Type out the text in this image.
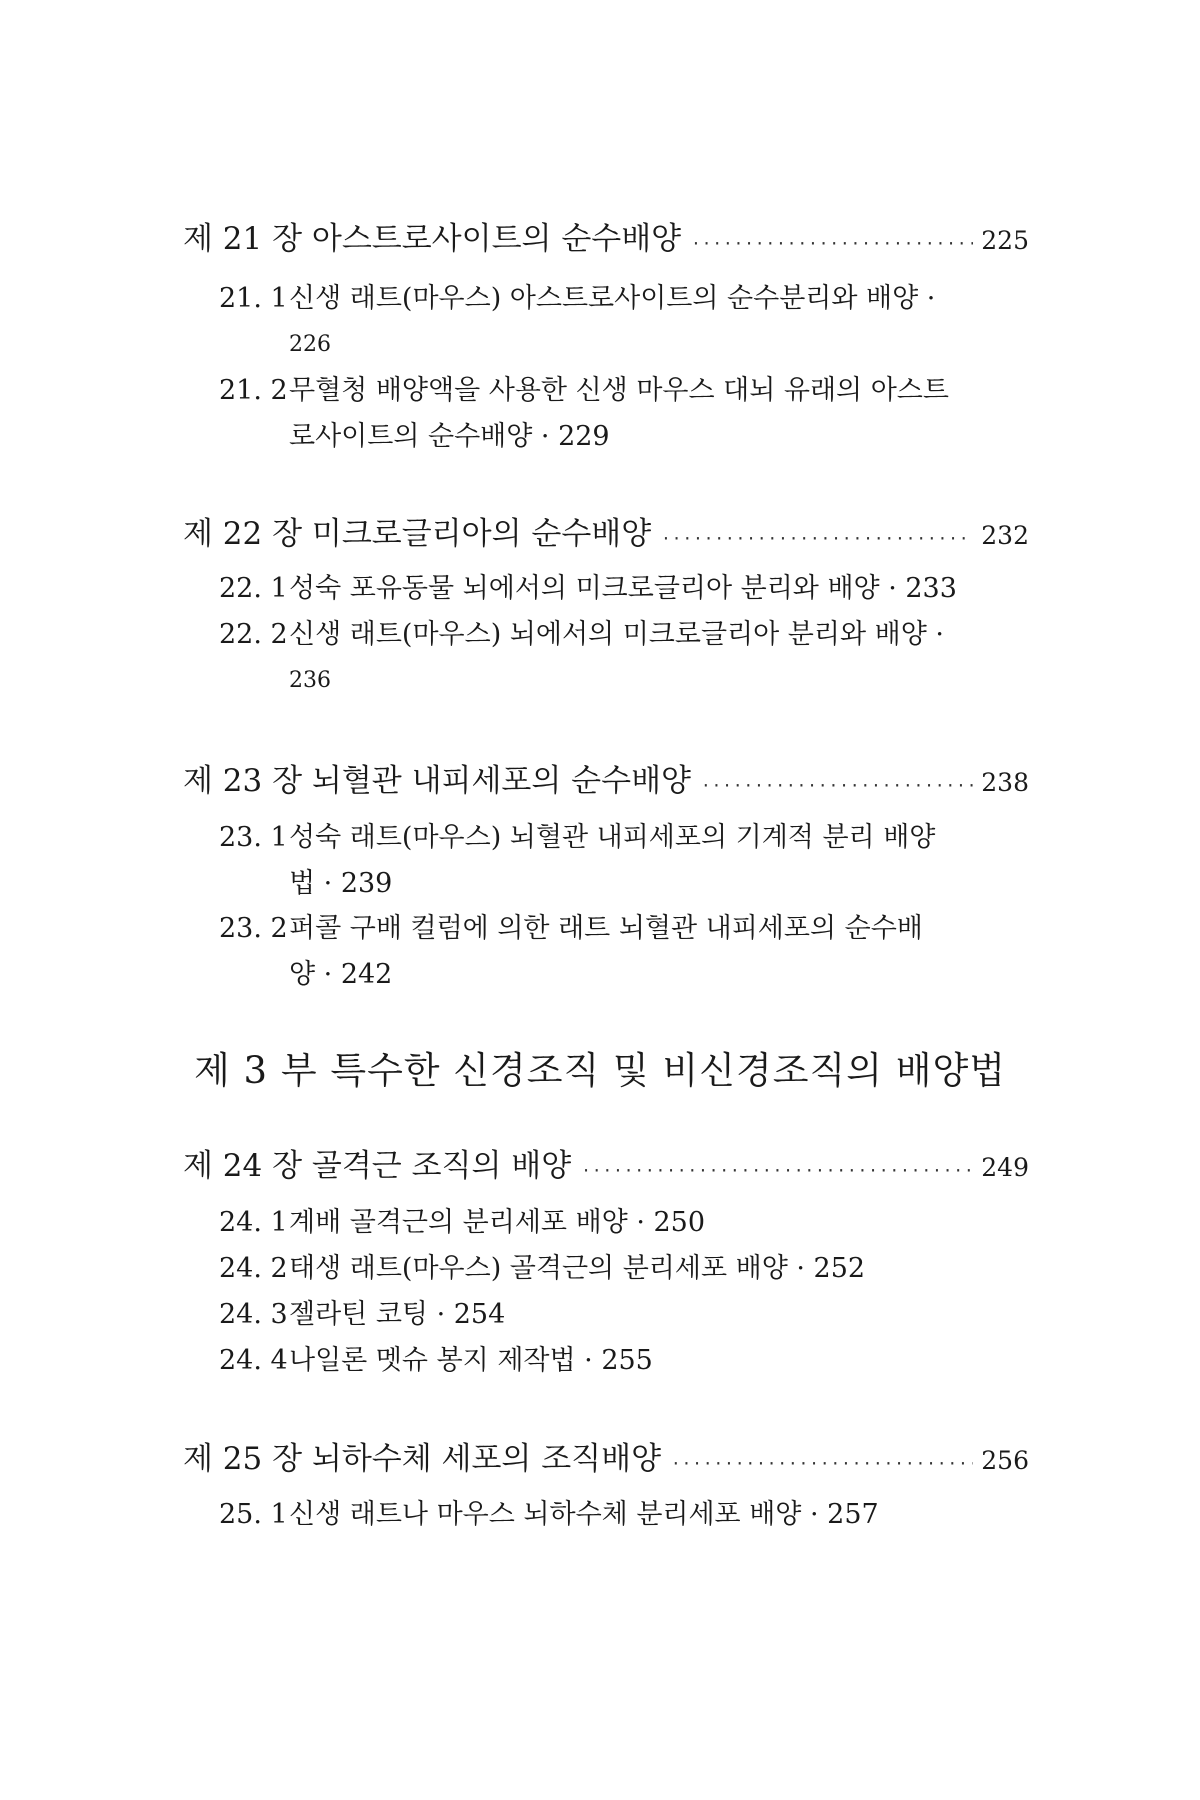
제 21 장 아스트로사이트의 순수배양 ·····	225
21. 1신생 래트(마우스) 아스트로사이트의 순수분리와 배양 ·
226
21. 2무혈청 배양액을 사용한 신생 마우스 대뇌 유래의 아스트
로사이트의 순수배양 · 229
제 22 장 미크로글리아의 순수배양 ·····	232
22. 1성숙 포유동물 뇌에서의 미크로글리아 분리와 배양 · 233
22. 2신생 래트(마우스) 뇌에서의 미크로글리아 분리와 배양 ·
236
제 23 장 뇌혈관 내피세포의 순수배양 ·····	238
23. 1성숙 래트(마우스) 뇌혈관 내피세포의 기계적 분리 배양
법 · 239
23. 2퍼콜 구배 컬럼에 의한 래트 뇌혈관 내피세포의 순수배
양 · 242
제 3 부 특수한 신경조직 및 비신경조직의 배양법
제 24 장 골격근 조직의 배양 ·····	249
24. 1계배 골격근의 분리세포 배양 · 250
24. 2태생 래트(마우스) 골격근의 분리세포 배양 · 252
24. 3젤라틴 코팅 · 254
24. 4나일론 멧슈 봉지 제작법 · 255
제 25 장 뇌하수체 세포의 조직배양 ·····	256
25. 1신생 래트나 마우스 뇌하수체 분리세포 배양 · 257
